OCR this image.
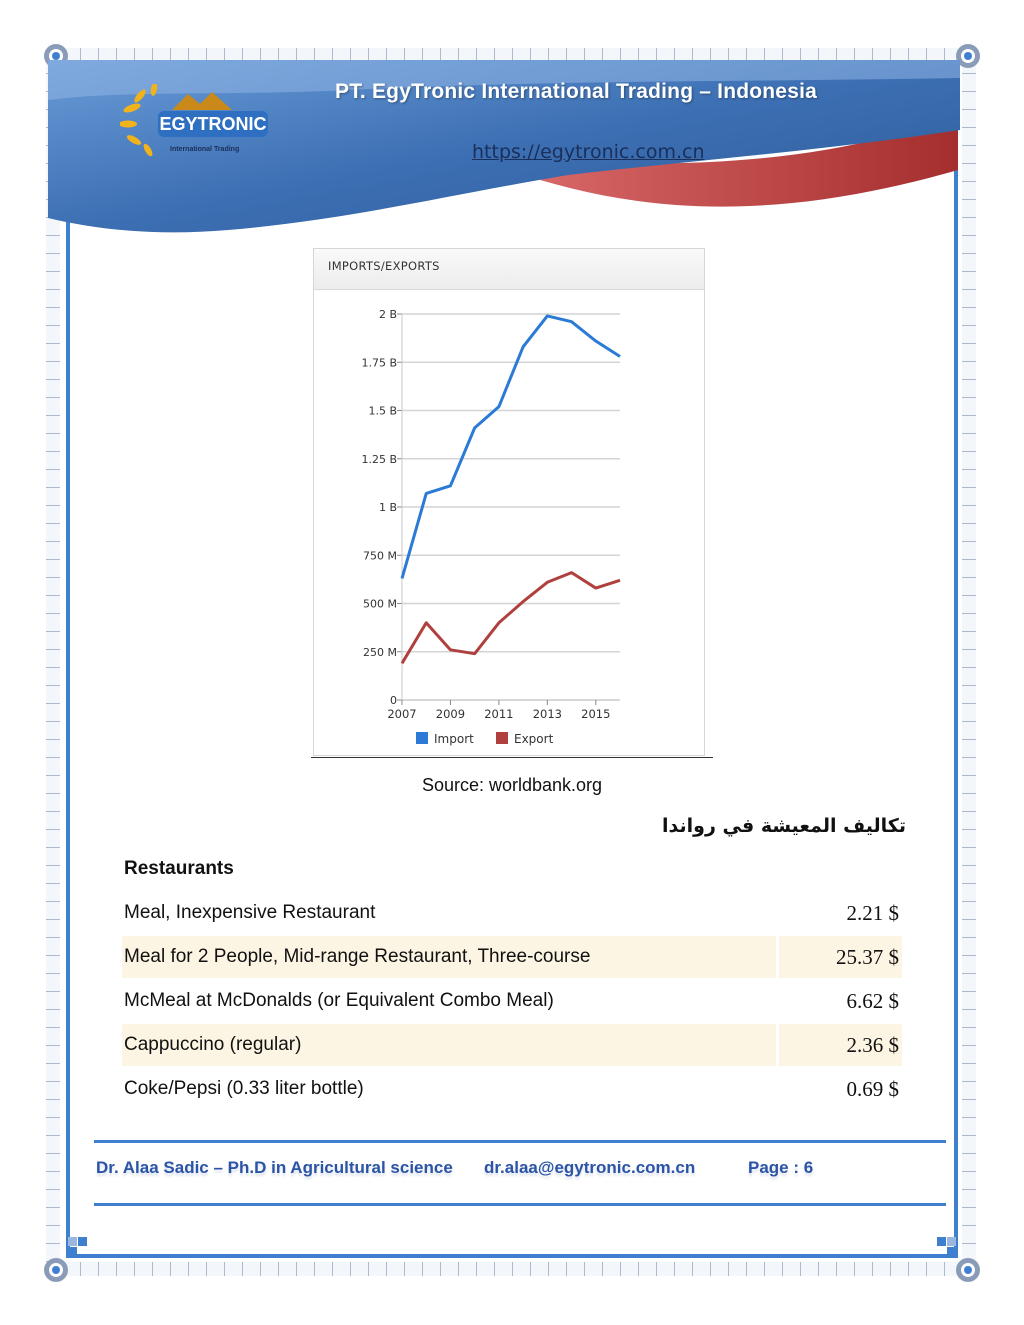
EGYTRONIC
International Trading
PT. EgyTronic International Trading – Indonesia
https://egytronic.com.cn
IMPORTS/EXPORTS
0
250 M
500 M
750 M
1 B
1.25 B
1.5 B
1.75 B
2 B
2007 2009 2011 2013 2015
Import	Export
Source: worldbank.org
تكاليف المعيشة في رواندا
Restaurants
Meal, Inexpensive Restaurant	2.21 $
Meal for 2 People, Mid-range Restaurant, Three-course	25.37 $
McMeal at McDonalds (or Equivalent Combo Meal)	6.62 $
Cappuccino (regular)	2.36 $
Coke/Pepsi (0.33 liter bottle)	0.69 $
Dr. Alaa Sadic – Ph.D in Agricultural science dr.alaa@egytronic.com.cn	Page : 6
